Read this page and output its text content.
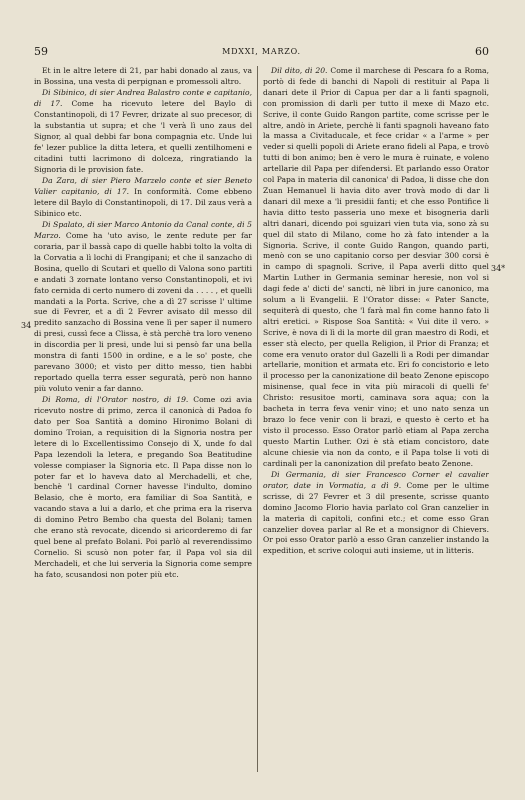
59	MDXXI, MARZO.	60
34
34*

Et in le altre letere di 21, par habi donado al zaus, va in Bossina, una vesta di perpignan e promessoli altro.

Di Sibinico, di sier Andrea Balastro conte e capitanio, di 17. Come ha ricevuto letere del Baylo di Constantinopoli, di 17 Fevrer, drizate al suo precesor, di la substantia ut supra; et che 'l verà lì uno zaus del Signor, al qual debbi far bona compagnia etc. Unde lui fe' lezer publice la ditta letera, et quelli zentilhomeni e citadini tutti lacrimono di dolceza, ringratiando la Signoria di le provision fate.

Da Zara, di sier Piero Marzelo conte et sier Beneto Valier capitanio, di 17. In conformità. Come ebbeno letere dil Baylo di Constantinopoli, di 17. Dil zaus verà a Sibinico etc.

Di Spalato, di sier Marco Antonio da Canal conte, di 5 Marzo. Come ha 'uto aviso, le zente redute per far coraria, par il bassà capo di quelle habbi tolto la volta di la Corvatia a lì lochi di Frangipani; et che il sanzacho di Bosina, quello di Scutari et quello di Valona sono partiti e andati 3 zornate lontano verso Constantinopoli, et ivi fato cernida di certo numero di zoveni da . . . . , et quelli mandati a la Porta. Scrive, che a dì 27 scrisse l' ultime sue di Fevrer, et a dì 2 Fevrer avisato dil messo dil predito sanzacho di Bossina vene lì per saper il numero di presi, cussì fece a Clissa, è stà perchè tra loro veneno in discordia per li presi, unde lui si pensò far una bella monstra di fanti 1500 in ordine, e a le so' poste, che parevano 3000; et visto per ditto messo, tien habbi reportado quella terra esser seguratà, però non hanno più voluto venir a far danno.

Di Roma, di l'Orator nostro, di 19. Come ozi avia ricevuto nostre di primo, zerca il canonicà di Padoa fo dato per Soa Santità a domino Hironimo Bolani di domino Troian, a requisition di la Signoria nostra per letere di lo Excellentissimo Consejo di X, unde fo dal Papa lezendoli la letera, e pregando Soa Beatitudine volesse compiaser la Signoria etc. Il Papa disse non lo poter far et lo haveva dato al Merchadelli, et che, benchè 'l cardinal Corner havesse l'indulto, domino Belasio, che è morto, era familiar di Soa Santità, e vacando stava a lui a darlo, et che prima era la riserva di domino Petro Bembo cha questa del Bolani; tamen che erano stà revocate, dicendo si aricorderemo di far quel bene al prefato Bolani. Poi parlò al reverendissimo Cornelio. Si scusò non poter far, il Papa vol sia dil Merchadeli, et che lui serveria la Signoria come sempre ha fato, scusandosi non poter più etc.

Dil dito, di 20. Come il marchese di Pescara fo a Roma, portò di fede di banchi di Napoli di restituir al Papa li danari dete il Prior di Capua per dar a li fanti spagnoli, con promission di darli per tutto il mexe di Mazo etc. Scrive, il conte Guido Rangon partite, come scrisse per le altre, andò in Ariete, perchè li fanti spagnoli haveano fato la massa a Civitaducale, et fece cridar « a l'arme » per veder si quelli popoli di Ariete erano fideli al Papa, e trovò tutti di bon animo; ben è vero le mura è ruinate, e voleno artellarie dil Papa per difendersi. Et parlando esso Orator col Papa in materia dil canonica' di Padoa, li disse che don Zuan Hemanuel li havia dito aver trovà modo di dar li danari dil mexe a 'li presidii fanti; et che esso Pontifice li havia ditto testo passeria uno mexe et bisogneria darli altri danari, dicendo poi sguizari vien tuta via, sono zà su quel dil stato di Milano, come ho zà fato intender a la Signoria. Scrive, il conte Guido Rangon, quando parti, menò con se uno capitanio corso per desviar 300 corsi è in campo di spagnoli. Scrive, il Papa averli ditto quel Martin Luther in Germania seminar heresie, non vol si dagi fede a' dicti de' sancti, nè libri in jure canonico, ma solum a li Evangelii. E l'Orator disse: « Pater Sancte, sequiterà di questo, che 'l farà mal fin come hanno fato li altri eretici. » Rispose Soa Santità: « Vui dite il vero. » Scrive, è nova di lì di la morte dil gran maestro di Rodi, et esser stà electo, per quella Religion, il Prior di Franza; et come era venuto orator dul Gazelli lì a Rodi per dimandar artellarie, monition et armata etc. Eri fo concistorio e leto il processo per la canonizatione dil beato Zenone episcopo misinense, qual fece in vita più miracoli di quelli fe' Christo: resusitoe morti, caminava sora aqua; con la bacheta in terra feva venir vino; et uno nato senza un brazo lo fece venir con li brazi, e questo è certo et ha visto il processo. Esso Orator parlò etiam al Papa zercha questo Martin Luther. Ozi è stà etiam concistoro, date alcune chiesie via non da conto, e il Papa tolse li voti di cardinali per la canonization dil prefato beato Zenone.

Di Germania, di sier Francesco Corner el cavalier orator, date in Vormatia, a dì 9. Come per le ultime scrisse, di 27 Fevrer et 3 dil presente, scrisse quanto domino Jacomo Florio havia parlato col Gran canzelier in la materia di capitoli, confini etc.; et come esso Gran canzelier dovea parlar al Re et a monsignor di Chievers. Or poi esso Orator parlò a esso Gran canzelier instando la expedition, et scrive coloqui auti insieme, ut in litteris.
